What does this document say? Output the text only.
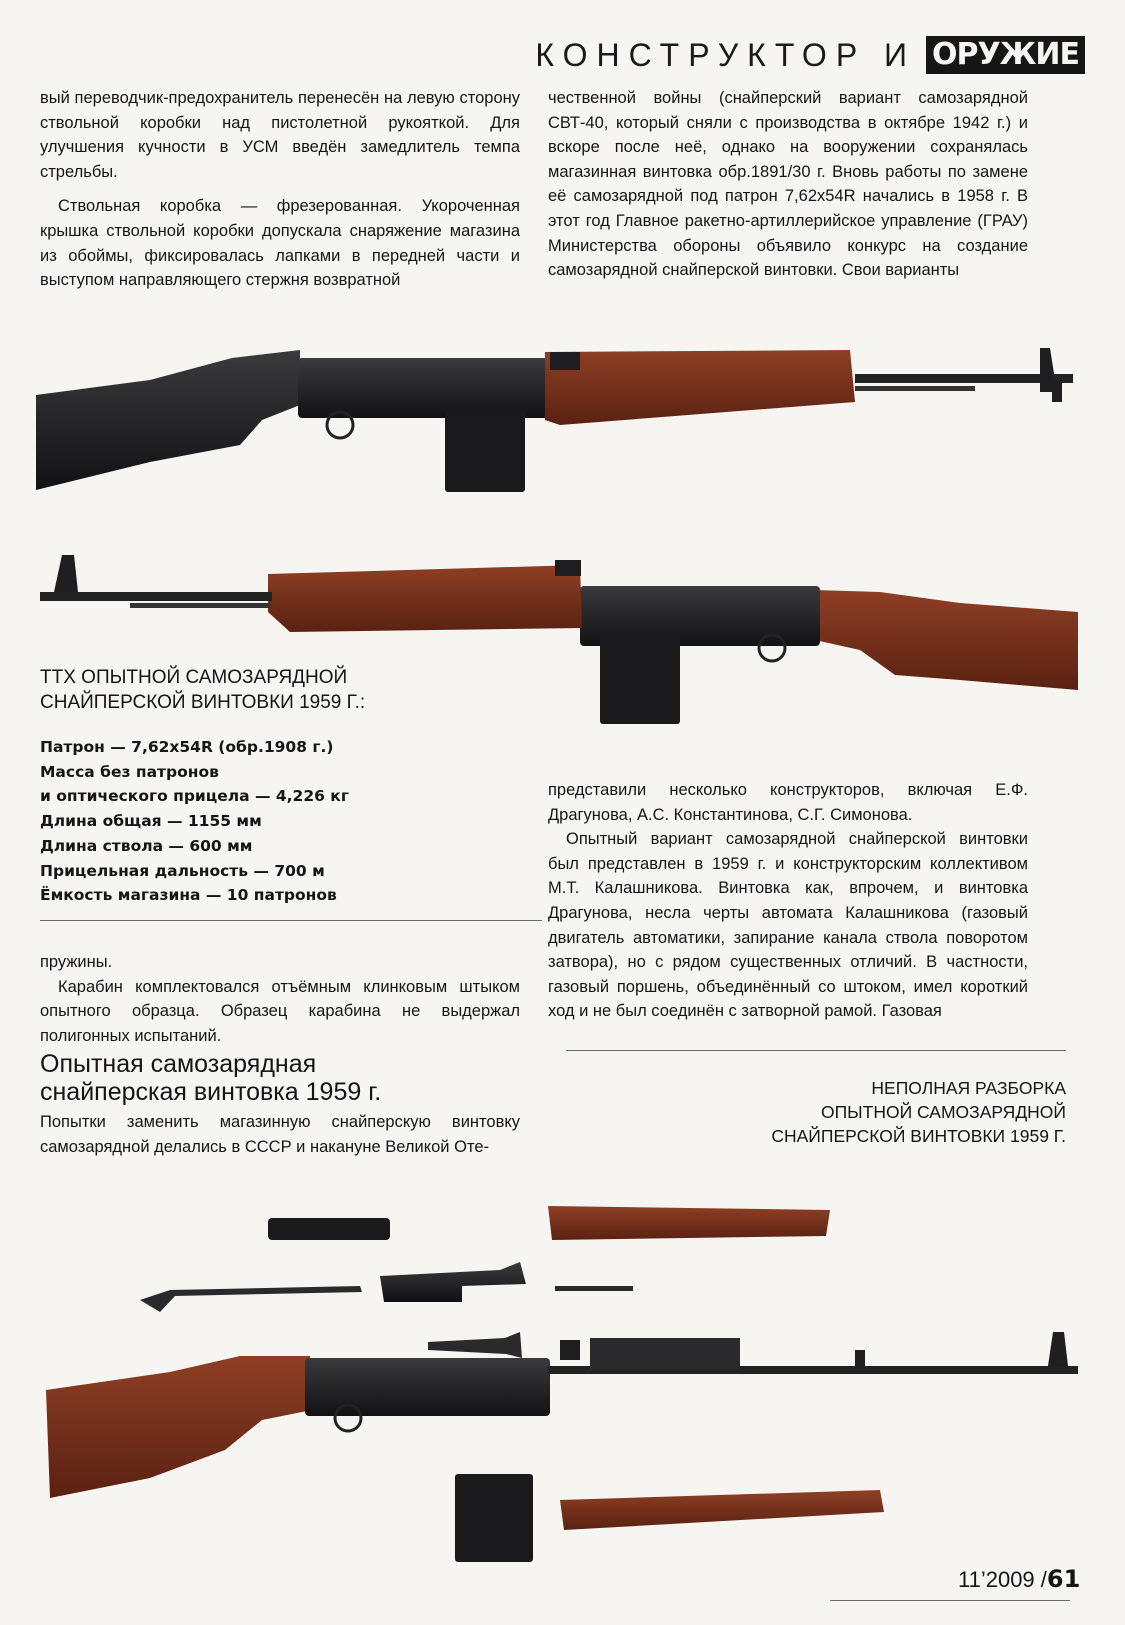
КОНСТРУКТОР И ОРУЖИЕ

вый переводчик-предохранитель перенесён на левую сторону ствольной коробки над пистолетной рукояткой. Для улучшения кучности в УСМ введён замедлитель темпа стрельбы.

Ствольная коробка — фрезерованная. Укороченная крышка ствольной коробки допускала снаряжение магазина из обоймы, фиксировалась лапками в передней части и выступом направляющего стержня возвратной

чественной войны (снайперский вариант самозарядной СВТ-40, который сняли с производства в октябре 1942 г.) и вскоре после неё, однако на вооружении сохранялась магазинная винтовка обр.1891/30 г. Вновь работы по замене её самозарядной под патрон 7,62х54R начались в 1958 г. В этот год Главное ракетно-артиллерийское управление (ГРАУ) Министерства обороны объявило конкурс на создание самозарядной снайперской винтовки. Свои варианты

ТТХ ОПЫТНОЙ САМОЗАРЯДНОЙ
СНАЙПЕРСКОЙ ВИНТОВКИ 1959 Г.:
Патрон — 7,62х54R (обр.1908 г.)
Масса без патронов
и оптического прицела — 4,226 кг
Длина общая — 1155 мм
Длина ствола — 600 мм
Прицельная дальность — 700 м
Ёмкость магазина — 10 патронов

пружины.

Карабин комплектовался отъёмным клинковым штыком опытного образца. Образец карабина не выдержал полигонных испытаний.

Опытная самозарядная
снайперская винтовка 1959 г.

Попытки заменить магазинную снайперскую винтовку самозарядной делались в СССР и накануне Великой Оте-

представили несколько конструкторов, включая Е.Ф. Драгунова, А.С. Константинова, С.Г. Симонова.

Опытный вариант самозарядной снайперской винтовки был представлен в 1959 г. и конструкторским коллективом М.Т. Калашникова. Винтовка как, впрочем, и винтовка Драгунова, несла черты автомата Калашникова (газовый двигатель автоматики, запирание канала ствола поворотом затвора), но с рядом существенных отличий. В частности, газовый поршень, объединённый со штоком, имел короткий ход и не был соединён с затворной рамой. Газовая

НЕПОЛНАЯ РАЗБОРКА
ОПЫТНОЙ САМОЗАРЯДНОЙ
СНАЙПЕРСКОЙ ВИНТОВКИ 1959 Г.
11’2009 /61
